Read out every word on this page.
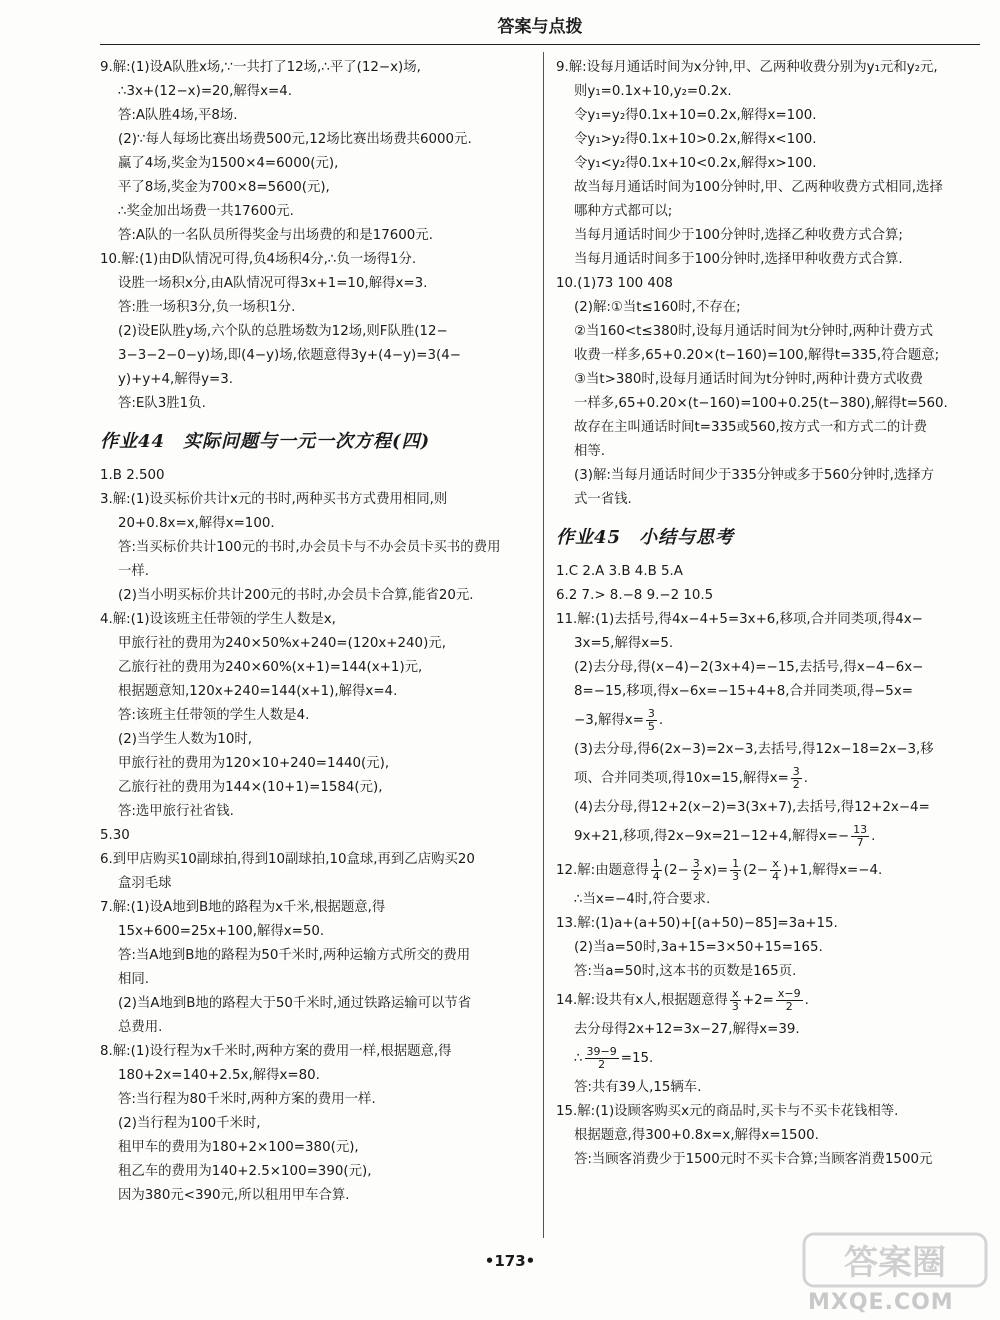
答案与点拨
9.解:(1)设A队胜x场,∵一共打了12场,∴平了(12−x)场,
∴3x+(12−x)=20,解得x=4.
答:A队胜4场,平8场.
(2)∵每人每场比赛出场费500元,12场比赛出场费共6000元.
赢了4场,奖金为1500×4=6000(元),
平了8场,奖金为700×8=5600(元),
∴奖金加出场费一共17600元.
答:A队的一名队员所得奖金与出场费的和是17600元.
10.解:(1)由D队情况可得,负4场积4分,∴负一场得1分.
设胜一场积x分,由A队情况可得3x+1=10,解得x=3.
答:胜一场积3分,负一场积1分.
(2)设E队胜y场,六个队的总胜场数为12场,则F队胜(12−
3−3−2−0−y)场,即(4−y)场,依题意得3y+(4−y)=3(4−
y)+y+4,解得y=3.
答:E队3胜1负.
作业44 实际问题与一元一次方程(四)
1.B 2.500
3.解:(1)设买标价共计x元的书时,两种买书方式费用相同,则
20+0.8x=x,解得x=100.
答:当买标价共计100元的书时,办会员卡与不办会员卡买书的费用
一样.
(2)当小明买标价共计200元的书时,办会员卡合算,能省20元.
4.解:(1)设该班主任带领的学生人数是x,
甲旅行社的费用为240×50%x+240=(120x+240)元,
乙旅行社的费用为240×60%(x+1)=144(x+1)元,
根据题意知,120x+240=144(x+1),解得x=4.
答:该班主任带领的学生人数是4.
(2)当学生人数为10时,
甲旅行社的费用为120×10+240=1440(元),
乙旅行社的费用为144×(10+1)=1584(元),
答:选甲旅行社省钱.
5.30
6.到甲店购买10副球拍,得到10副球拍,10盒球,再到乙店购买20
盒羽毛球
7.解:(1)设A地到B地的路程为x千米,根据题意,得
15x+600=25x+100,解得x=50.
答:当A地到B地的路程为50千米时,两种运输方式所交的费用
相同.
(2)当A地到B地的路程大于50千米时,通过铁路运输可以节省
总费用.
8.解:(1)设行程为x千米时,两种方案的费用一样,根据题意,得
180+2x=140+2.5x,解得x=80.
答:当行程为80千米时,两种方案的费用一样.
(2)当行程为100千米时,
租甲车的费用为180+2×100=380(元),
租乙车的费用为140+2.5×100=390(元),
因为380元<390元,所以租用甲车合算.
9.解:设每月通话时间为x分钟,甲、乙两种收费分别为y₁元和y₂元,
则y₁=0.1x+10,y₂=0.2x.
令y₁=y₂得0.1x+10=0.2x,解得x=100.
令y₁>y₂得0.1x+10>0.2x,解得x<100.
令y₁<y₂得0.1x+10<0.2x,解得x>100.
故当每月通话时间为100分钟时,甲、乙两种收费方式相同,选择
哪种方式都可以;
当每月通话时间少于100分钟时,选择乙种收费方式合算;
当每月通话时间多于100分钟时,选择甲种收费方式合算.
10.(1)73 100 408
(2)解:①当t≤160时,不存在;
②当160<t≤380时,设每月通话时间为t分钟时,两种计费方式
收费一样多,65+0.20×(t−160)=100,解得t=335,符合题意;
③当t>380时,设每月通话时间为t分钟时,两种计费方式收费
一样多,65+0.20×(t−160)=100+0.25(t−380),解得t=560.
故存在主叫通话时间t=335或560,按方式一和方式二的计费
相等.
(3)解:当每月通话时间少于335分钟或多于560分钟时,选择方
式一省钱.
作业45 小结与思考
1.C 2.A 3.B 4.B 5.A
6.2 7.> 8.−8 9.−2 10.5
11.解:(1)去括号,得4x−4+5=3x+6,移项,合并同类项,得4x−
3x=5,解得x=5.
(2)去分母,得(x−4)−2(3x+4)=−15,去括号,得x−4−6x−
8=−15,移项,得x−6x=−15+4+8,合并同类项,得−5x=
−3,解得$x= \frac{3}{5}$ .
(3)去分母,得6(2x−3)=2x−3,去括号,得12x−18=2x−3,移
项、合并同类项,得10x=15,解得$x= \frac{3}{2}$ .
(4)去分母,得12+2(x−2)=3(3x+7),去括号,得12+2x−4=
9x+21,移项,得2x−9x=21−12+4,解得$x=- \frac{13}{7}$ .
12.解:由题意得 $\frac{1}{4} (2- \frac{3}{2} x)= \frac{1}{3} (2- \frac{x}{4} )+1$,解得x=−4.
∴当x=−4时,符合要求.
13.解:(1)a+(a+50)+[(a+50)−85]=3a+15.
(2)当a=50时,3a+15=3×50+15=165.
答:当a=50时,这本书的页数是165页.
14.解:设共有x人,根据题意得 $\frac{x}{3} +2= \frac{x-9}{2}$ .
去分母得2x+12=3x−27,解得x=39.
∴ $\frac{39-9}{2} =15$.
答:共有39人,15辆车.
15.解:(1)设顾客购买x元的商品时,买卡与不买卡花钱相等.
根据题意,得300+0.8x=x,解得x=1500.
答:当顾客消费少于1500元时不买卡合算;当顾客消费1500元
•173•	答案圈
MXQE.COM
